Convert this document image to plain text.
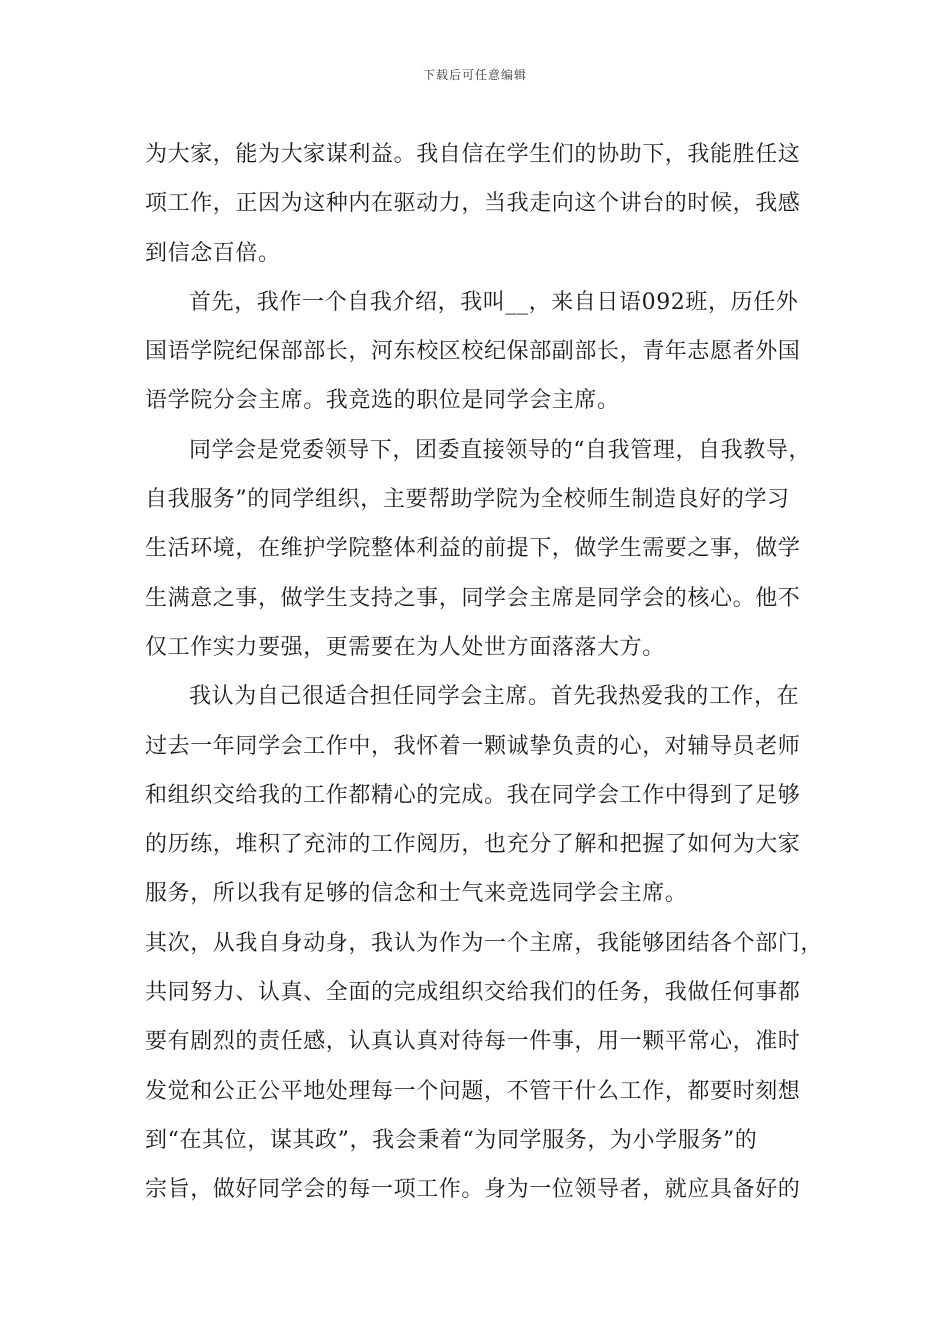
下载后可任意编辑
为大家，能为大家谋利益。我自信在学生们的协助下，我能胜任这
项工作，正因为这种内在驱动力，当我走向这个讲台的时候，我感
到信念百倍。
首先，我作一个自我介绍，我叫__，来自日语092班，历任外
国语学院纪保部部长，河东校区校纪保部副部长，青年志愿者外国
语学院分会主席。我竞选的职位是同学会主席。
同学会是党委领导下，团委直接领导的“自我管理，自我教导，
自我服务”的同学组织，主要帮助学院为全校师生制造良好的学习
生活环境，在维护学院整体利益的前提下，做学生需要之事，做学
生满意之事，做学生支持之事，同学会主席是同学会的核心。他不
仅工作实力要强，更需要在为人处世方面落落大方。
我认为自己很适合担任同学会主席。首先我热爱我的工作，在
过去一年同学会工作中，我怀着一颗诚挚负责的心，对辅导员老师
和组织交给我的工作都精心的完成。我在同学会工作中得到了足够
的历练，堆积了充沛的工作阅历，也充分了解和把握了如何为大家
服务，所以我有足够的信念和士气来竞选同学会主席。
其次，从我自身动身，我认为作为一个主席，我能够团结各个部门，
共同努力、认真、全面的完成组织交给我们的任务，我做任何事都
要有剧烈的责任感，认真认真对待每一件事，用一颗平常心，准时
发觉和公正公平地处理每一个问题，不管干什么工作，都要时刻想
到“在其位，谋其政”，我会秉着“为同学服务，为小学服务”的
宗旨，做好同学会的每一项工作。身为一位领导者，就应具备好的
